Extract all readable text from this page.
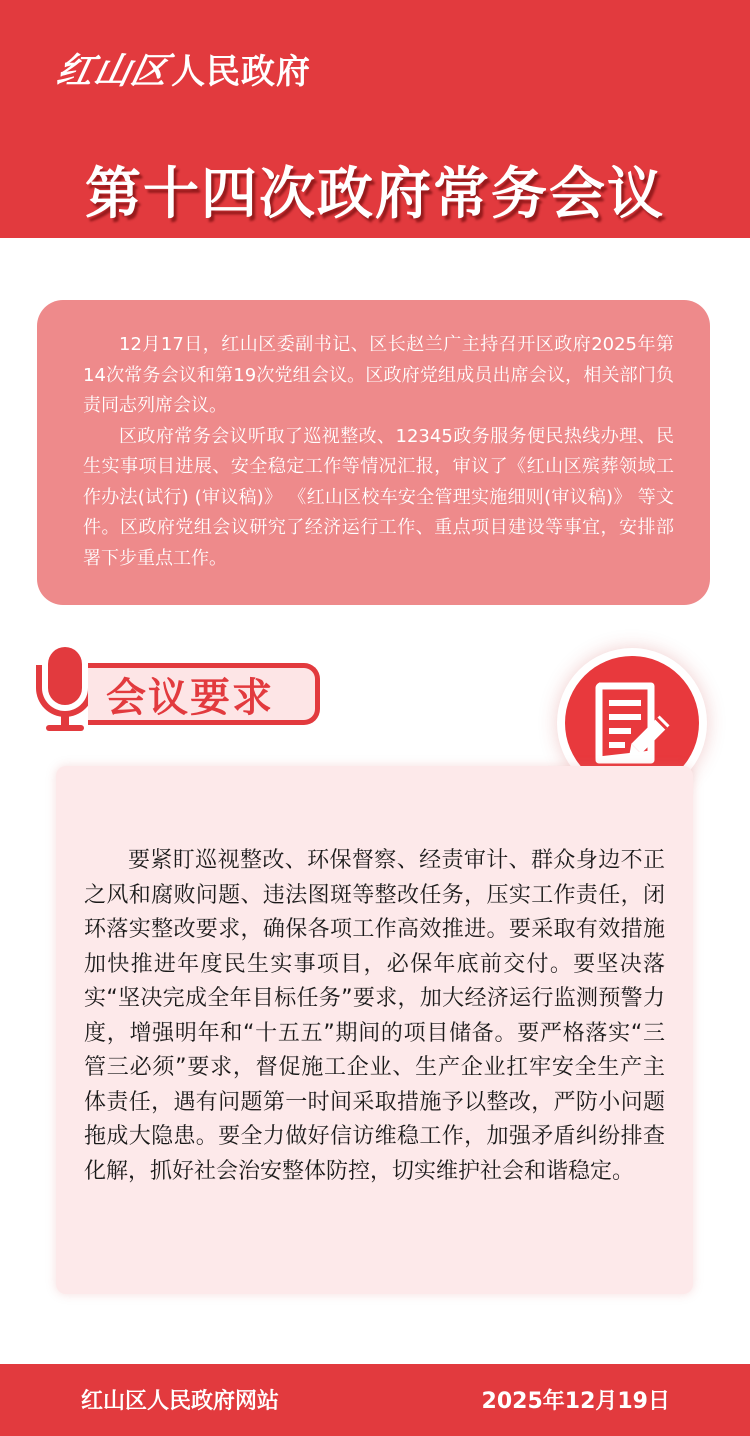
红山区
人民政府
第十四次政府常务会议

12月17日，红山区委副书记、区长赵兰广主持召开区政府2025年第14次常务会议和第19次党组会议。区政府党组成员出席会议，相关部门负责同志列席会议。

区政府常务会议听取了巡视整改、12345政务服务便民热线办理、民生实事项目进展、安全稳定工作等情况汇报，审议了《红山区殡葬领域工作办法(试行) (审议稿)》 《红山区校车安全管理实施细则(审议稿)》 等文件。区政府党组会议研究了经济运行工作、重点项目建设等事宜，安排部署下步重点工作。

会议要求

要紧盯巡视整改、环保督察、经责审计、群众身边不正之风和腐败问题、违法图斑等整改任务，压实工作责任，闭环落实整改要求，确保各项工作高效推进。要采取有效措施加快推进年度民生实事项目，必保年底前交付。要坚决落实“坚决完成全年目标任务”要求，加大经济运行监测预警力度，增强明年和“十五五”期间的项目储备。要严格落实“三管三必须”要求，督促施工企业、生产企业扛牢安全生产主体责任，遇有问题第一时间采取措施予以整改，严防小问题拖成大隐患。要全力做好信访维稳工作，加强矛盾纠纷排查化解，抓好社会治安整体防控，切实维护社会和谐稳定。

红山区人民政府网站	2025年12月19日
